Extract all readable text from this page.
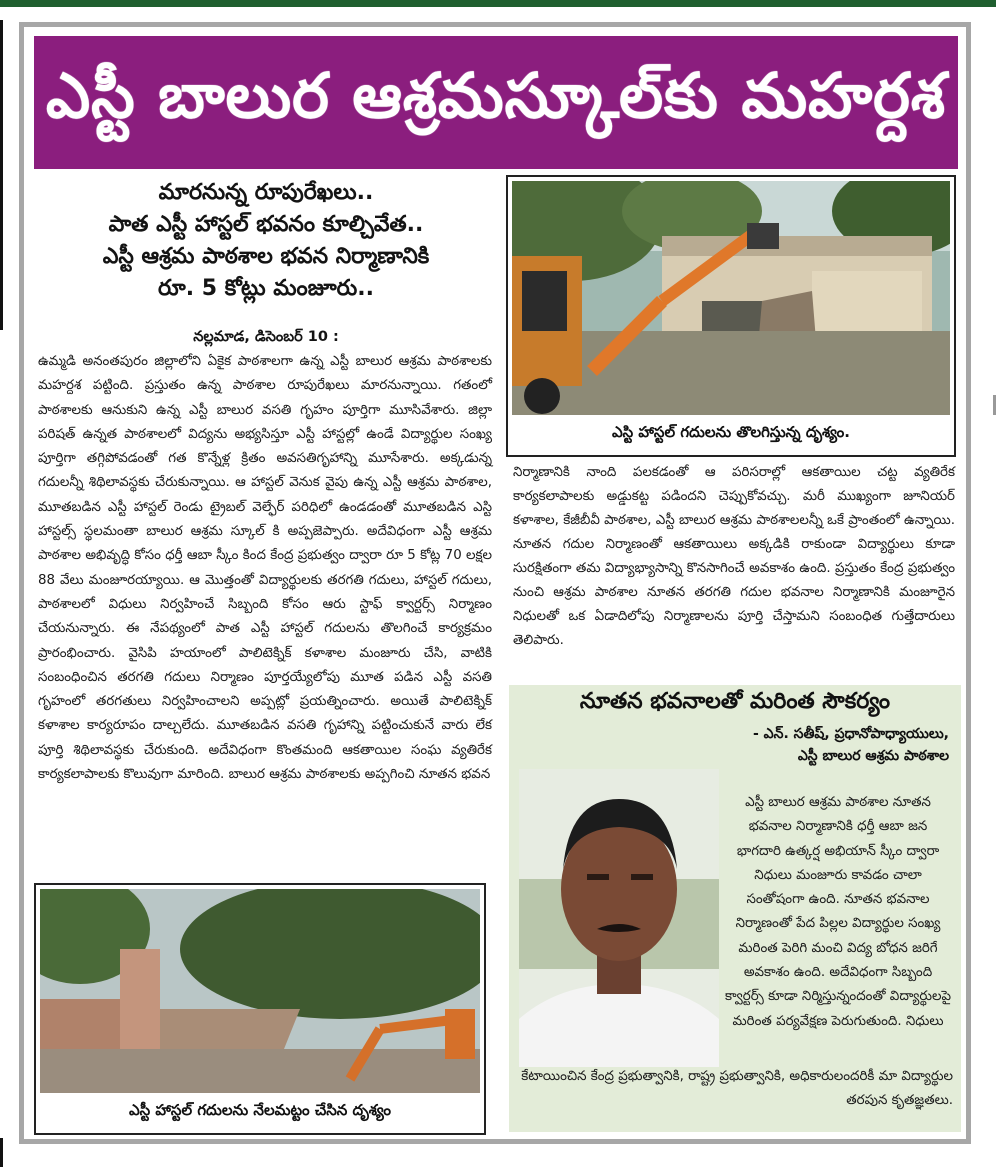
ఎస్టీ బాలుర ఆశ్రమస్కూల్‌కు మహర్దశ
మారనున్న రూపురేఖలు..
పాత ఎస్టీ హాస్టల్ భవనం కూల్చివేత..
ఎస్టీ ఆశ్రమ పాఠశాల భవన నిర్మాణానికి
రూ. 5 కోట్లు మంజూరు..
నల్లమాడ, డిసెంబర్ 10 :
ఉమ్మడి అనంతపురం జిల్లాలోని ఏకైక పాఠశాలగా ఉన్న ఎస్టీ బాలుర ఆశ్రమ పాఠశాలకు మహర్దశ పట్టింది. ప్రస్తుతం ఉన్న పాఠశాల రూపురేఖలు మారనున్నాయి. గతంలో పాఠశాలకు ఆనుకుని ఉన్న ఎస్టీ బాలుర వసతి గృహం పూర్తిగా మూసివేశారు. జిల్లా పరిషత్ ఉన్నత పాఠశాలలో విద్యను అభ్యసిస్తూ ఎస్టీ హాస్టల్లో ఉండే విద్యార్థుల సంఖ్య పూర్తిగా తగ్గిపోవడంతో గత కొన్నేళ్ల క్రితం అవసతిగృహాన్ని మూసేశారు. అక్కడున్న గదులన్నీ శిథిలావస్థకు చేరుకున్నాయి. ఆ హాస్టల్ వెనుక వైపు ఉన్న ఎస్టీ ఆశ్రమ పాఠశాల, మూతబడిన ఎస్టీ హాస్టల్ రెండు ట్రైబల్ వెల్ఫేర్ పరిధిలో ఉండడంతో మూతబడిన ఎస్టి హాస్టల్స్ స్థలమంతా బాలుర ఆశ్రమ స్కూల్ కి అప్పజెప్పారు. అదేవిధంగా ఎస్టీ ఆశ్రమ పాఠశాల అభివృద్ధి కోసం ధర్తీ ఆబా స్కీం కింద కేంద్ర ప్రభుత్వం ద్వారా రూ 5 కోట్ల 70 లక్షల 88 వేలు మంజూరయ్యాయి. ఆ మొత్తంతో విద్యార్థులకు తరగతి గదులు, హాస్టల్ గదులు, పాఠశాలలో విధులు నిర్వహించే సిబ్బంది కోసం ఆరు స్టాఫ్ క్వార్టర్స్ నిర్మాణం చేయనున్నారు. ఈ నేపథ్యంలో పాత ఎస్టీ హాస్టల్ గదులను తొలగించే కార్యక్రమం ప్రారంభించారు. వైసిపి హయాంలో పాలిటెక్నిక్ కళాశాల మంజూరు చేసి, వాటికి సంబంధించిన తరగతి గదులు నిర్మాణం పూర్తయ్యేలోపు మూత పడిన ఎస్టీ వసతి గృహంలో తరగతులు నిర్వహించాలని అప్పట్లో ప్రయత్నించారు. అయితే పాలిటెక్నిక్ కళాశాల కార్యరూపం దాల్చలేదు. మూతబడిన వసతి గృహాన్ని పట్టించుకునే వారు లేక పూర్తి శిథిలావస్థకు చేరుకుంది. అదేవిధంగా కొంతమంది ఆకతాయిల సంఘ వ్యతిరేక కార్యకలాపాలకు కొలువుగా మారింది. బాలుర ఆశ్రమ పాఠశాలకు అప్పగించి నూతన భవన
ఎస్టి హాస్టల్ గదులను తొలగిస్తున్న దృశ్యం.
నిర్మాణానికి నాంది పలకడంతో ఆ పరిసరాల్లో ఆకతాయిల చట్ట వ్యతిరేక కార్యకలాపాలకు అడ్డుకట్ట పడిందని చెప్పుకోవచ్చు. మరీ ముఖ్యంగా జూనియర్ కళాశాల, కేజీబీవీ పాఠశాల, ఎస్టీ బాలుర ఆశ్రమ పాఠశాలలన్నీ ఒకే ప్రాంతంలో ఉన్నాయి. నూతన గదుల నిర్మాణంతో ఆకతాయిలు అక్కడికి రాకుండా విద్యార్థులు కూడా సురక్షితంగా తమ విద్యాభ్యాసాన్ని కొనసాగించే అవకాశం ఉంది. ప్రస్తుతం కేంద్ర ప్రభుత్వం నుంచి ఆశ్రమ పాఠశాల నూతన తరగతి గదుల భవనాల నిర్మాణానికి మంజూరైన నిధులతో ఒక ఏడాదిలోపు నిర్మాణాలను పూర్తి చేస్తామని సంబంధిత గుత్తేదారులు తెలిపారు.
ఎస్టీ హాస్టల్ గదులను నేలమట్టం చేసిన దృశ్యం
నూతన భవనాలతో మరింత సౌకర్యం
- ఎన్. సతీష్, ప్రధానోపాధ్యాయులు,
ఎస్టీ బాలుర ఆశ్రమ పాఠశాల
ఎస్టీ బాలుర ఆశ్రమ పాఠశాల నూతన భవనాల నిర్మాణానికి ధర్తీ ఆబా జన భాగదారి ఉత్కర్ష అభియాన్ స్కీం ద్వారా నిధులు మంజూరు కావడం చాలా సంతోషంగా ఉంది. నూతన భవనాల నిర్మాణంతో పేద పిల్లల విద్యార్థుల సంఖ్య మరింత పెరిగి మంచి విద్య బోధన జరిగే అవకాశం ఉంది. అదేవిధంగా సిబ్బంది క్వార్టర్స్ కూడా నిర్మిస్తున్నందంతో విద్యార్థులపై మరింత పర్యవేక్షణ పెరుగుతుంది. నిధులు
కేటాయించిన కేంద్ర ప్రభుత్వానికి, రాష్ట్ర ప్రభుత్వానికి, అధికారులందరికీ మా విద్యార్థుల తరపున కృతజ్ఞతలు.
